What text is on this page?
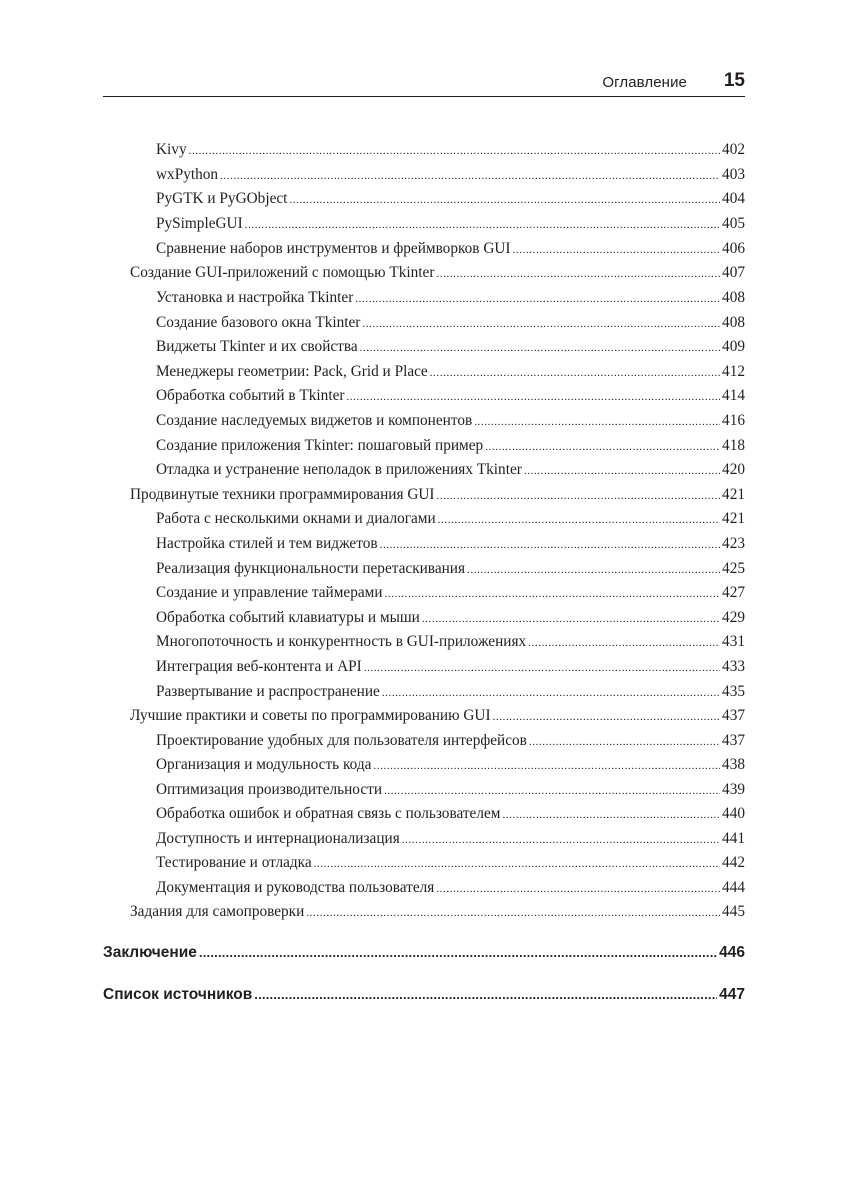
Оглавление 15
Kivy .....	402
wxPython .....	403
PyGTK и PyGObject .....	404
PySimpleGUI .....	405
Сравнение наборов инструментов и фреймворков GUI .....	406
Создание GUI-приложений с помощью Tkinter .....	407
Установка и настройка Tkinter .....	408
Создание базового окна Tkinter .....	408
Виджеты Tkinter и их свойства .....	409
Менеджеры геометрии: Pack, Grid и Place .....	412
Обработка событий в Tkinter .....	414
Создание наследуемых виджетов и компонентов .....	416
Создание приложения Tkinter: пошаговый пример .....	418
Отладка и устранение неполадок в приложениях Tkinter .....	420
Продвинутые техники программирования GUI .....	421
Работа с несколькими окнами и диалогами .....	421
Настройка стилей и тем виджетов .....	423
Реализация функциональности перетаскивания .....	425
Создание и управление таймерами .....	427
Обработка событий клавиатуры и мыши .....	429
Многопоточность и конкурентность в GUI-приложениях .....	431
Интеграция веб-контента и API .....	433
Развертывание и распространение .....	435
Лучшие практики и советы по программированию GUI .....	437
Проектирование удобных для пользователя интерфейсов .....	437
Организация и модульность кода .....	438
Оптимизация производительности .....	439
Обработка ошибок и обратная связь с пользователем .....	440
Доступность и интернационализация .....	441
Тестирование и отладка .....	442
Документация и руководства пользователя .....	444
Задания для самопроверки .....	445
Заключение .....	446
Список источников .....	447
